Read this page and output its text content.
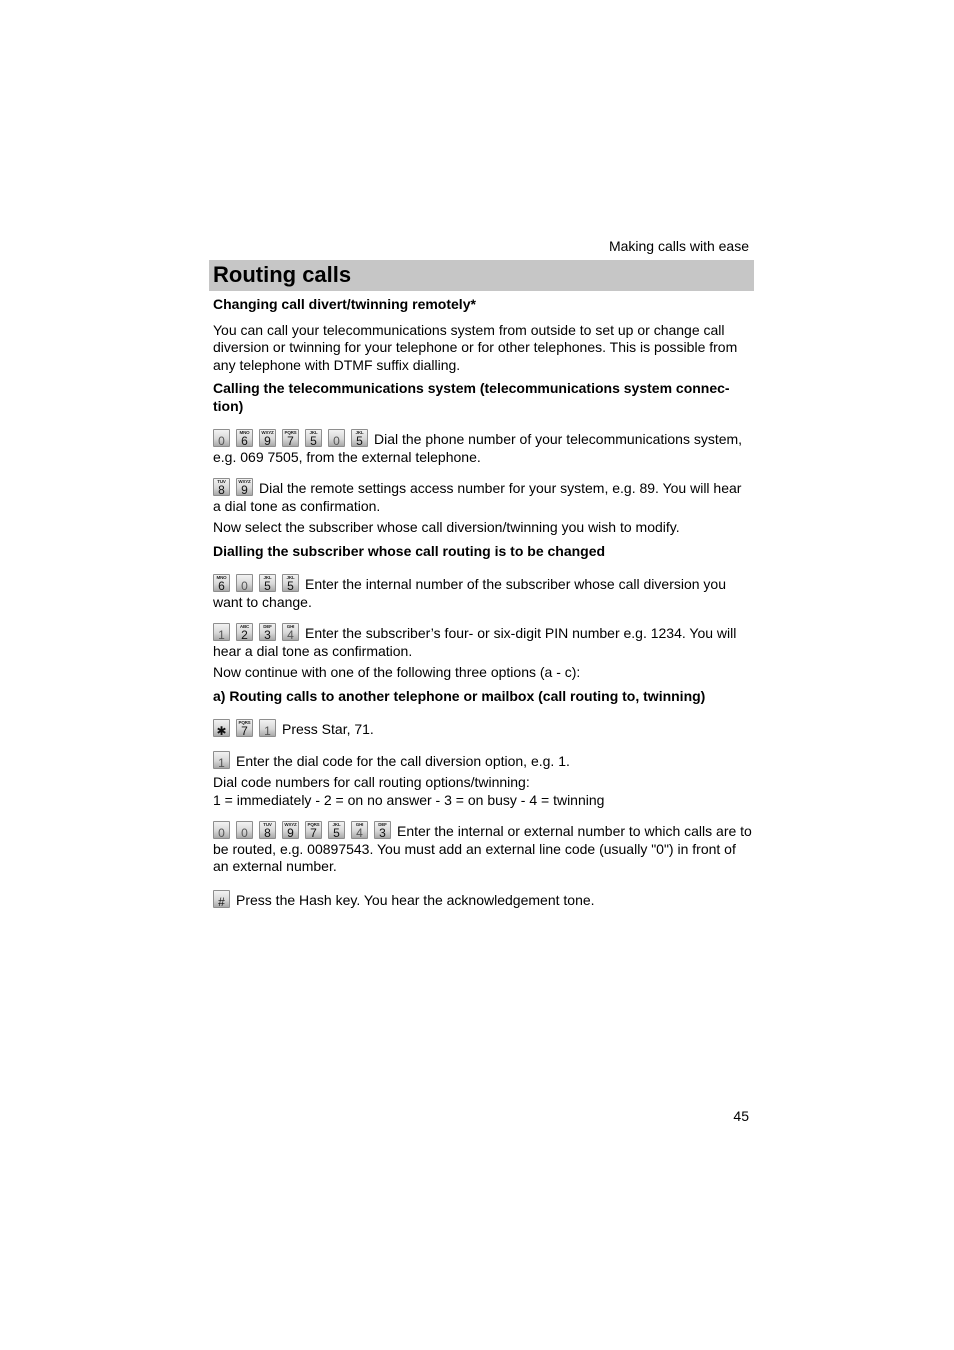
Making calls with ease
Routing calls

Changing call divert/twinning remotely*

You can call your telecommunications system from outside to set up or change call diversion or twinning for your telephone or for other telephones. This is possible from any telephone with DTMF suffix dialling.

Calling the telecommunications system (telecommunications system connec-tion)

0
MNO
6
WXYZ
9
PQRS
7
JKL
5	0
JKL
5 Dial the phone number of your telecommunications system, e.g. 069 7505, from the external telephone.

TUV
8
WXYZ
9 Dial the remote settings access number for your system, e.g. 89. You will hear a dial tone as confirmation.

Now select the subscriber whose call diversion/twinning you wish to modify.

Dialling the subscriber whose call routing is to be changed

MNO
6	0
JKL
5
JKL
5 Enter the internal number of the subscriber whose call diversion you want to change.

1
ABC
2
DEF
3
GHI
4 Enter the subscriber’s four- or six-digit PIN number e.g. 1234. You will hear a dial tone as confirmation.

Now continue with one of the following three options (a - c):

a) Routing calls to another telephone or mailbox (call routing to, twinning)

✱
PQRS
7	1 Press Star, 71.

1 Enter the dial code for the call diversion option, e.g. 1.

Dial code numbers for call routing options/twinning:

1 = immediately - 2 = on no answer - 3 = on busy - 4 = twinning

0	0
TUV
8
WXYZ
9
PQRS
7
JKL
5
GHI
4
DEF
3 Enter the internal or external number to which calls are to be routed, e.g. 00897543. You must add an external line code (usually "0") in front of an external number.

# Press the Hash key. You hear the acknowledgement tone.

45
